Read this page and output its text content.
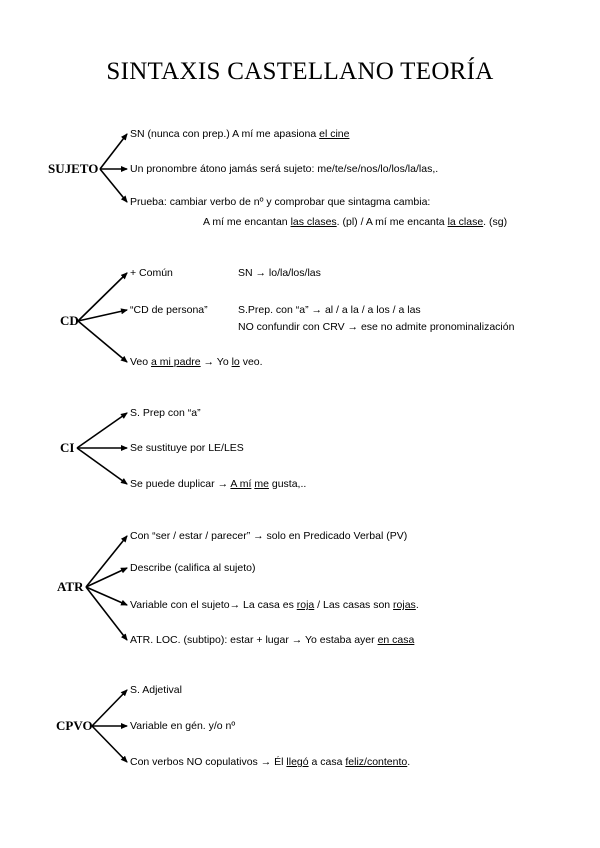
SINTAXIS CASTELLANO TEORÍA
SUJETO
SN (nunca con prep.) A mí me apasiona el cine
Un pronombre átono jamás será sujeto: me/te/se/nos/lo/los/la/las,.
Prueba: cambiar verbo de nº y comprobar que sintagma cambia:
A mí me encantan las clases. (pl) / A mí me encanta la clase. (sg)
CD
+ Común	SN → lo/la/los/las
“CD de persona”	S.Prep. con “a” → al / a la / a los / a las
NO confundir con CRV → ese no admite pronominalización
Veo a mi padre → Yo lo veo.
CI
S. Prep con “a”
Se sustituye por LE/LES
Se puede duplicar → A mí me gusta,..
ATR
Con “ser / estar / parecer” → solo en Predicado Verbal (PV)
Describe (califica al sujeto)
Variable con el sujeto→ La casa es roja / Las casas son rojas.
ATR. LOC. (subtipo): estar + lugar → Yo estaba ayer en casa
CPVO
S. Adjetival
Variable en gén. y/o nº
Con verbos NO copulativos → Él llegó a casa feliz/contento.
